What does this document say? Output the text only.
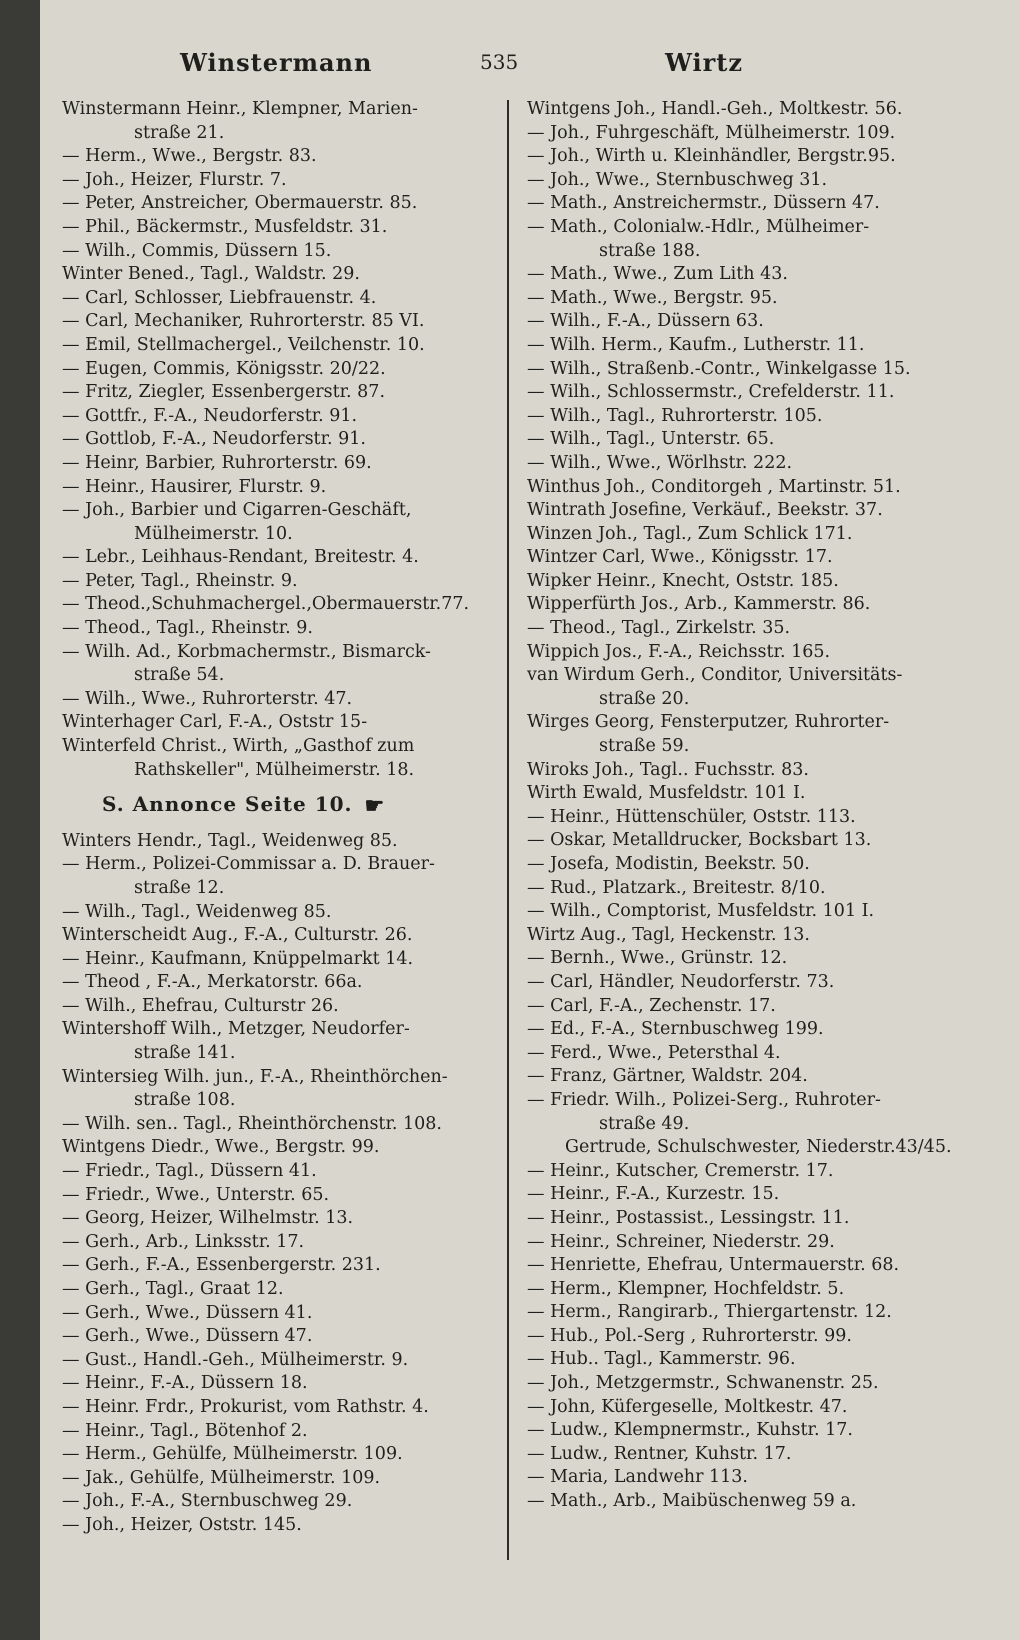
Winstermann	535	Wirtz
Winstermann Heinr., Klempner, Marien-
straße 21.
— Herm., Wwe., Bergstr. 83.
— Joh., Heizer, Flurstr. 7.
— Peter, Anstreicher, Obermauerstr. 85.
— Phil., Bäckermstr., Musfeldstr. 31.
— Wilh., Commis, Düssern 15.
Winter Bened., Tagl., Waldstr. 29.
— Carl, Schlosser, Liebfrauenstr. 4.
— Carl, Mechaniker, Ruhrorterstr. 85 VI.
— Emil, Stellmachergel., Veilchenstr. 10.
— Eugen, Commis, Königsstr. 20/22.
— Fritz, Ziegler, Essenbergerstr. 87.
— Gottfr., F.-A., Neudorferstr. 91.
— Gottlob, F.-A., Neudorferstr. 91.
— Heinr, Barbier, Ruhrorterstr. 69.
— Heinr., Hausirer, Flurstr. 9.
— Joh., Barbier und Cigarren-Geschäft,
Mülheimerstr. 10.
— Lebr., Leihhaus-Rendant, Breitestr. 4.
— Peter, Tagl., Rheinstr. 9.
— Theod.,Schuhmachergel.,Obermauerstr.77.
— Theod., Tagl., Rheinstr. 9.
— Wilh. Ad., Korbmachermstr., Bismarck-
straße 54.
— Wilh., Wwe., Ruhrorterstr. 47.
Winterhager Carl, F.-A., Oststr 15-
Winterfeld Christ., Wirth, „Gasthof zum
Rathskeller", Mülheimerstr. 18.
S. Annonce Seite 10. ☛
Winters Hendr., Tagl., Weidenweg 85.
— Herm., Polizei-Commissar a. D. Brauer-
straße 12.
— Wilh., Tagl., Weidenweg 85.
Winterscheidt Aug., F.-A., Culturstr. 26.
— Heinr., Kaufmann, Knüppelmarkt 14.
— Theod , F.-A., Merkatorstr. 66a.
— Wilh., Ehefrau, Culturstr 26.
Wintershoff Wilh., Metzger, Neudorfer-
straße 141.
Wintersieg Wilh. jun., F.-A., Rheinthörchen-
straße 108.
— Wilh. sen.. Tagl., Rheinthörchenstr. 108.
Wintgens Diedr., Wwe., Bergstr. 99.
— Friedr., Tagl., Düssern 41.
— Friedr., Wwe., Unterstr. 65.
— Georg, Heizer, Wilhelmstr. 13.
— Gerh., Arb., Linksstr. 17.
— Gerh., F.-A., Essenbergerstr. 231.
— Gerh., Tagl., Graat 12.
— Gerh., Wwe., Düssern 41.
— Gerh., Wwe., Düssern 47.
— Gust., Handl.-Geh., Mülheimerstr. 9.
— Heinr., F.-A., Düssern 18.
— Heinr. Frdr., Prokurist, vom Rathstr. 4.
— Heinr., Tagl., Bötenhof 2.
— Herm., Gehülfe, Mülheimerstr. 109.
— Jak., Gehülfe, Mülheimerstr. 109.
— Joh., F.-A., Sternbuschweg 29.
— Joh., Heizer, Oststr. 145.
Wintgens Joh., Handl.-Geh., Moltkestr. 56.
— Joh., Fuhrgeschäft, Mülheimerstr. 109.
— Joh., Wirth u. Kleinhändler, Bergstr.95.
— Joh., Wwe., Sternbuschweg 31.
— Math., Anstreichermstr., Düssern 47.
— Math., Colonialw.-Hdlr., Mülheimer-
straße 188.
— Math., Wwe., Zum Lith 43.
— Math., Wwe., Bergstr. 95.
— Wilh., F.-A., Düssern 63.
— Wilh. Herm., Kaufm., Lutherstr. 11.
— Wilh., Straßenb.-Contr., Winkelgasse 15.
— Wilh., Schlossermstr., Crefelderstr. 11.
— Wilh., Tagl., Ruhrorterstr. 105.
— Wilh., Tagl., Unterstr. 65.
— Wilh., Wwe., Wörlhstr. 222.
Winthus Joh., Conditorgeh , Martinstr. 51.
Wintrath Josefine, Verkäuf., Beekstr. 37.
Winzen Joh., Tagl., Zum Schlick 171.
Wintzer Carl, Wwe., Königsstr. 17.
Wipker Heinr., Knecht, Oststr. 185.
Wipperfürth Jos., Arb., Kammerstr. 86.
— Theod., Tagl., Zirkelstr. 35.
Wippich Jos., F.-A., Reichsstr. 165.
van Wirdum Gerh., Conditor, Universitäts-
straße 20.
Wirges Georg, Fensterputzer, Ruhrorter-
straße 59.
Wiroks Joh., Tagl.. Fuchsstr. 83.
Wirth Ewald, Musfeldstr. 101 I.
— Heinr., Hüttenschüler, Oststr. 113.
— Oskar, Metalldrucker, Bocksbart 13.
— Josefa, Modistin, Beekstr. 50.
— Rud., Platzark., Breitestr. 8/10.
— Wilh., Comptorist, Musfeldstr. 101 I.
Wirtz Aug., Tagl, Heckenstr. 13.
— Bernh., Wwe., Grünstr. 12.
— Carl, Händler, Neudorferstr. 73.
— Carl, F.-A., Zechenstr. 17.
— Ed., F.-A., Sternbuschweg 199.
— Ferd., Wwe., Petersthal 4.
— Franz, Gärtner, Waldstr. 204.
— Friedr. Wilh., Polizei-Serg., Ruhroter-
straße 49.
Gertrude, Schulschwester, Niederstr.43/45.
— Heinr., Kutscher, Cremerstr. 17.
— Heinr., F.-A., Kurzestr. 15.
— Heinr., Postassist., Lessingstr. 11.
— Heinr., Schreiner, Niederstr. 29.
— Henriette, Ehefrau, Untermauerstr. 68.
— Herm., Klempner, Hochfeldstr. 5.
— Herm., Rangirarb., Thiergartenstr. 12.
— Hub., Pol.-Serg , Ruhrorterstr. 99.
— Hub.. Tagl., Kammerstr. 96.
— Joh., Metzgermstr., Schwanenstr. 25.
— John, Küfergeselle, Moltkestr. 47.
— Ludw., Klempnermstr., Kuhstr. 17.
— Ludw., Rentner, Kuhstr. 17.
— Maria, Landwehr 113.
— Math., Arb., Maibüschenweg 59 a.
